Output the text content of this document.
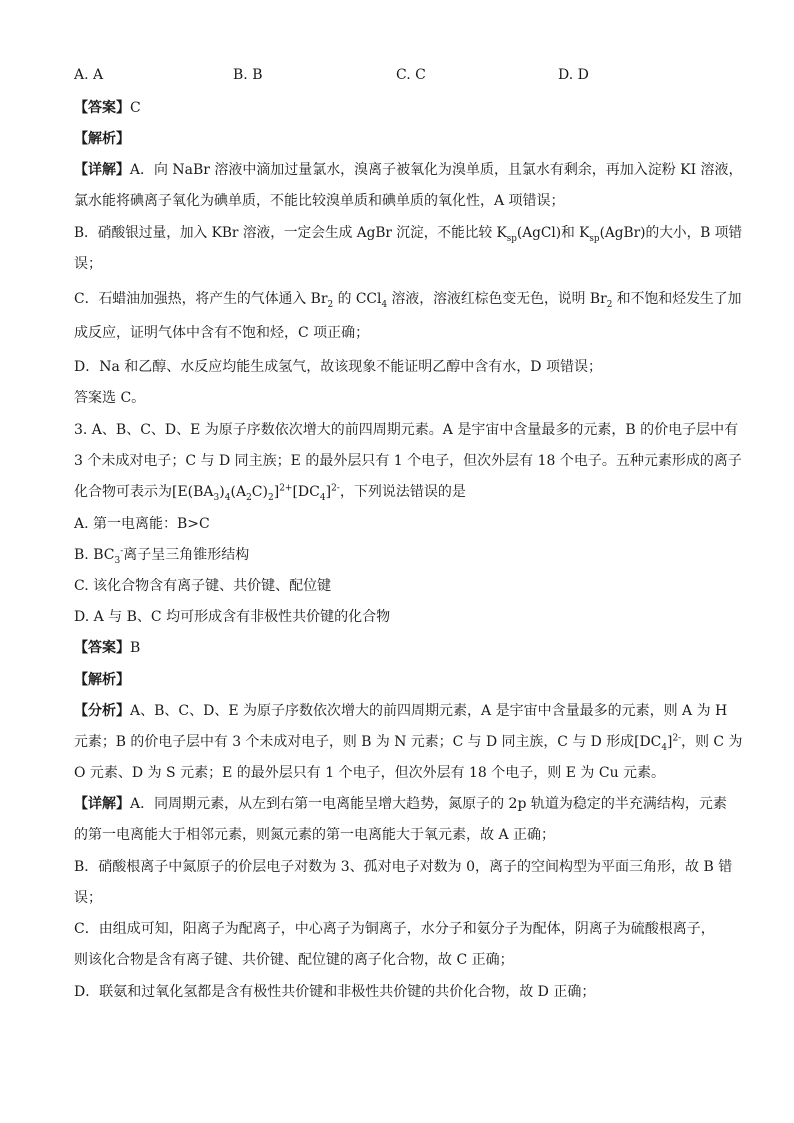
A. A	B. B	C. C	D. D
【答案】C
【解析】
【详解】A．向 NaBr 溶液中滴加过量氯水，溴离子被氧化为溴单质，且氯水有剩余，再加入淀粉 KI 溶液，
氯水能将碘离子氧化为碘单质，不能比较溴单质和碘单质的氧化性，A 项错误；
B．硝酸银过量，加入 KBr 溶液，一定会生成 AgBr 沉淀，不能比较 $K_{sp}(AgCl)$和 $K_{sp}(AgBr)$的大小，B 项错
误；
C．石蜡油加强热，将产生的气体通入 $Br_2$ 的 CCl$_4$ 溶液，溶液红棕色变无色，说明 $Br_2$ 和不饱和烃发生了加
成反应，证明气体中含有不饱和烃，C 项正确；
D．Na 和乙醇、水反应均能生成氢气，故该现象不能证明乙醇中含有水，D 项错误；
答案选 C。
3. A、B、C、D、E 为原子序数依次增大的前四周期元素。A 是宇宙中含量最多的元素，B 的价电子层中有
3 个未成对电子；C 与 D 同主族；E 的最外层只有 1 个电子，但次外层有 18 个电子。五种元素形成的离子
化合物可表示为$[E(BA_3)_4(A_2C)_2]^{2+}[DC_4]^{2-}$，下列说法错误的是
A. 第一电离能：B>C
B. $BC_3^-$离子呈三角锥形结构
C. 该化合物含有离子键、共价键、配位键
D. A 与 B、C 均可形成含有非极性共价键的化合物
【答案】B
【解析】
【分析】A、B、C、D、E 为原子序数依次增大的前四周期元素，A 是宇宙中含量最多的元素，则 A 为 H
元素；B 的价电子层中有 3 个未成对电子，则 B 为 N 元素；C 与 D 同主族，C 与 D 形成$[DC_4]^{2-}$，则 C 为
O 元素、D 为 S 元素；E 的最外层只有 1 个电子，但次外层有 18 个电子，则 E 为 Cu 元素。
【详解】A．同周期元素，从左到右第一电离能呈增大趋势，氮原子的 2p 轨道为稳定的半充满结构，元素
的第一电离能大于相邻元素，则氮元素的第一电离能大于氧元素，故 A 正确；
B．硝酸根离子中氮原子的价层电子对数为 3、孤对电子对数为 0，离子的空间构型为平面三角形，故 B 错
误；
C．由组成可知，阳离子为配离子，中心离子为铜离子，水分子和氨分子为配体，阴离子为硫酸根离子，
则该化合物是含有离子键、共价键、配位键的离子化合物，故 C 正确；
D．联氨和过氧化氢都是含有极性共价键和非极性共价键的共价化合物，故 D 正确；
